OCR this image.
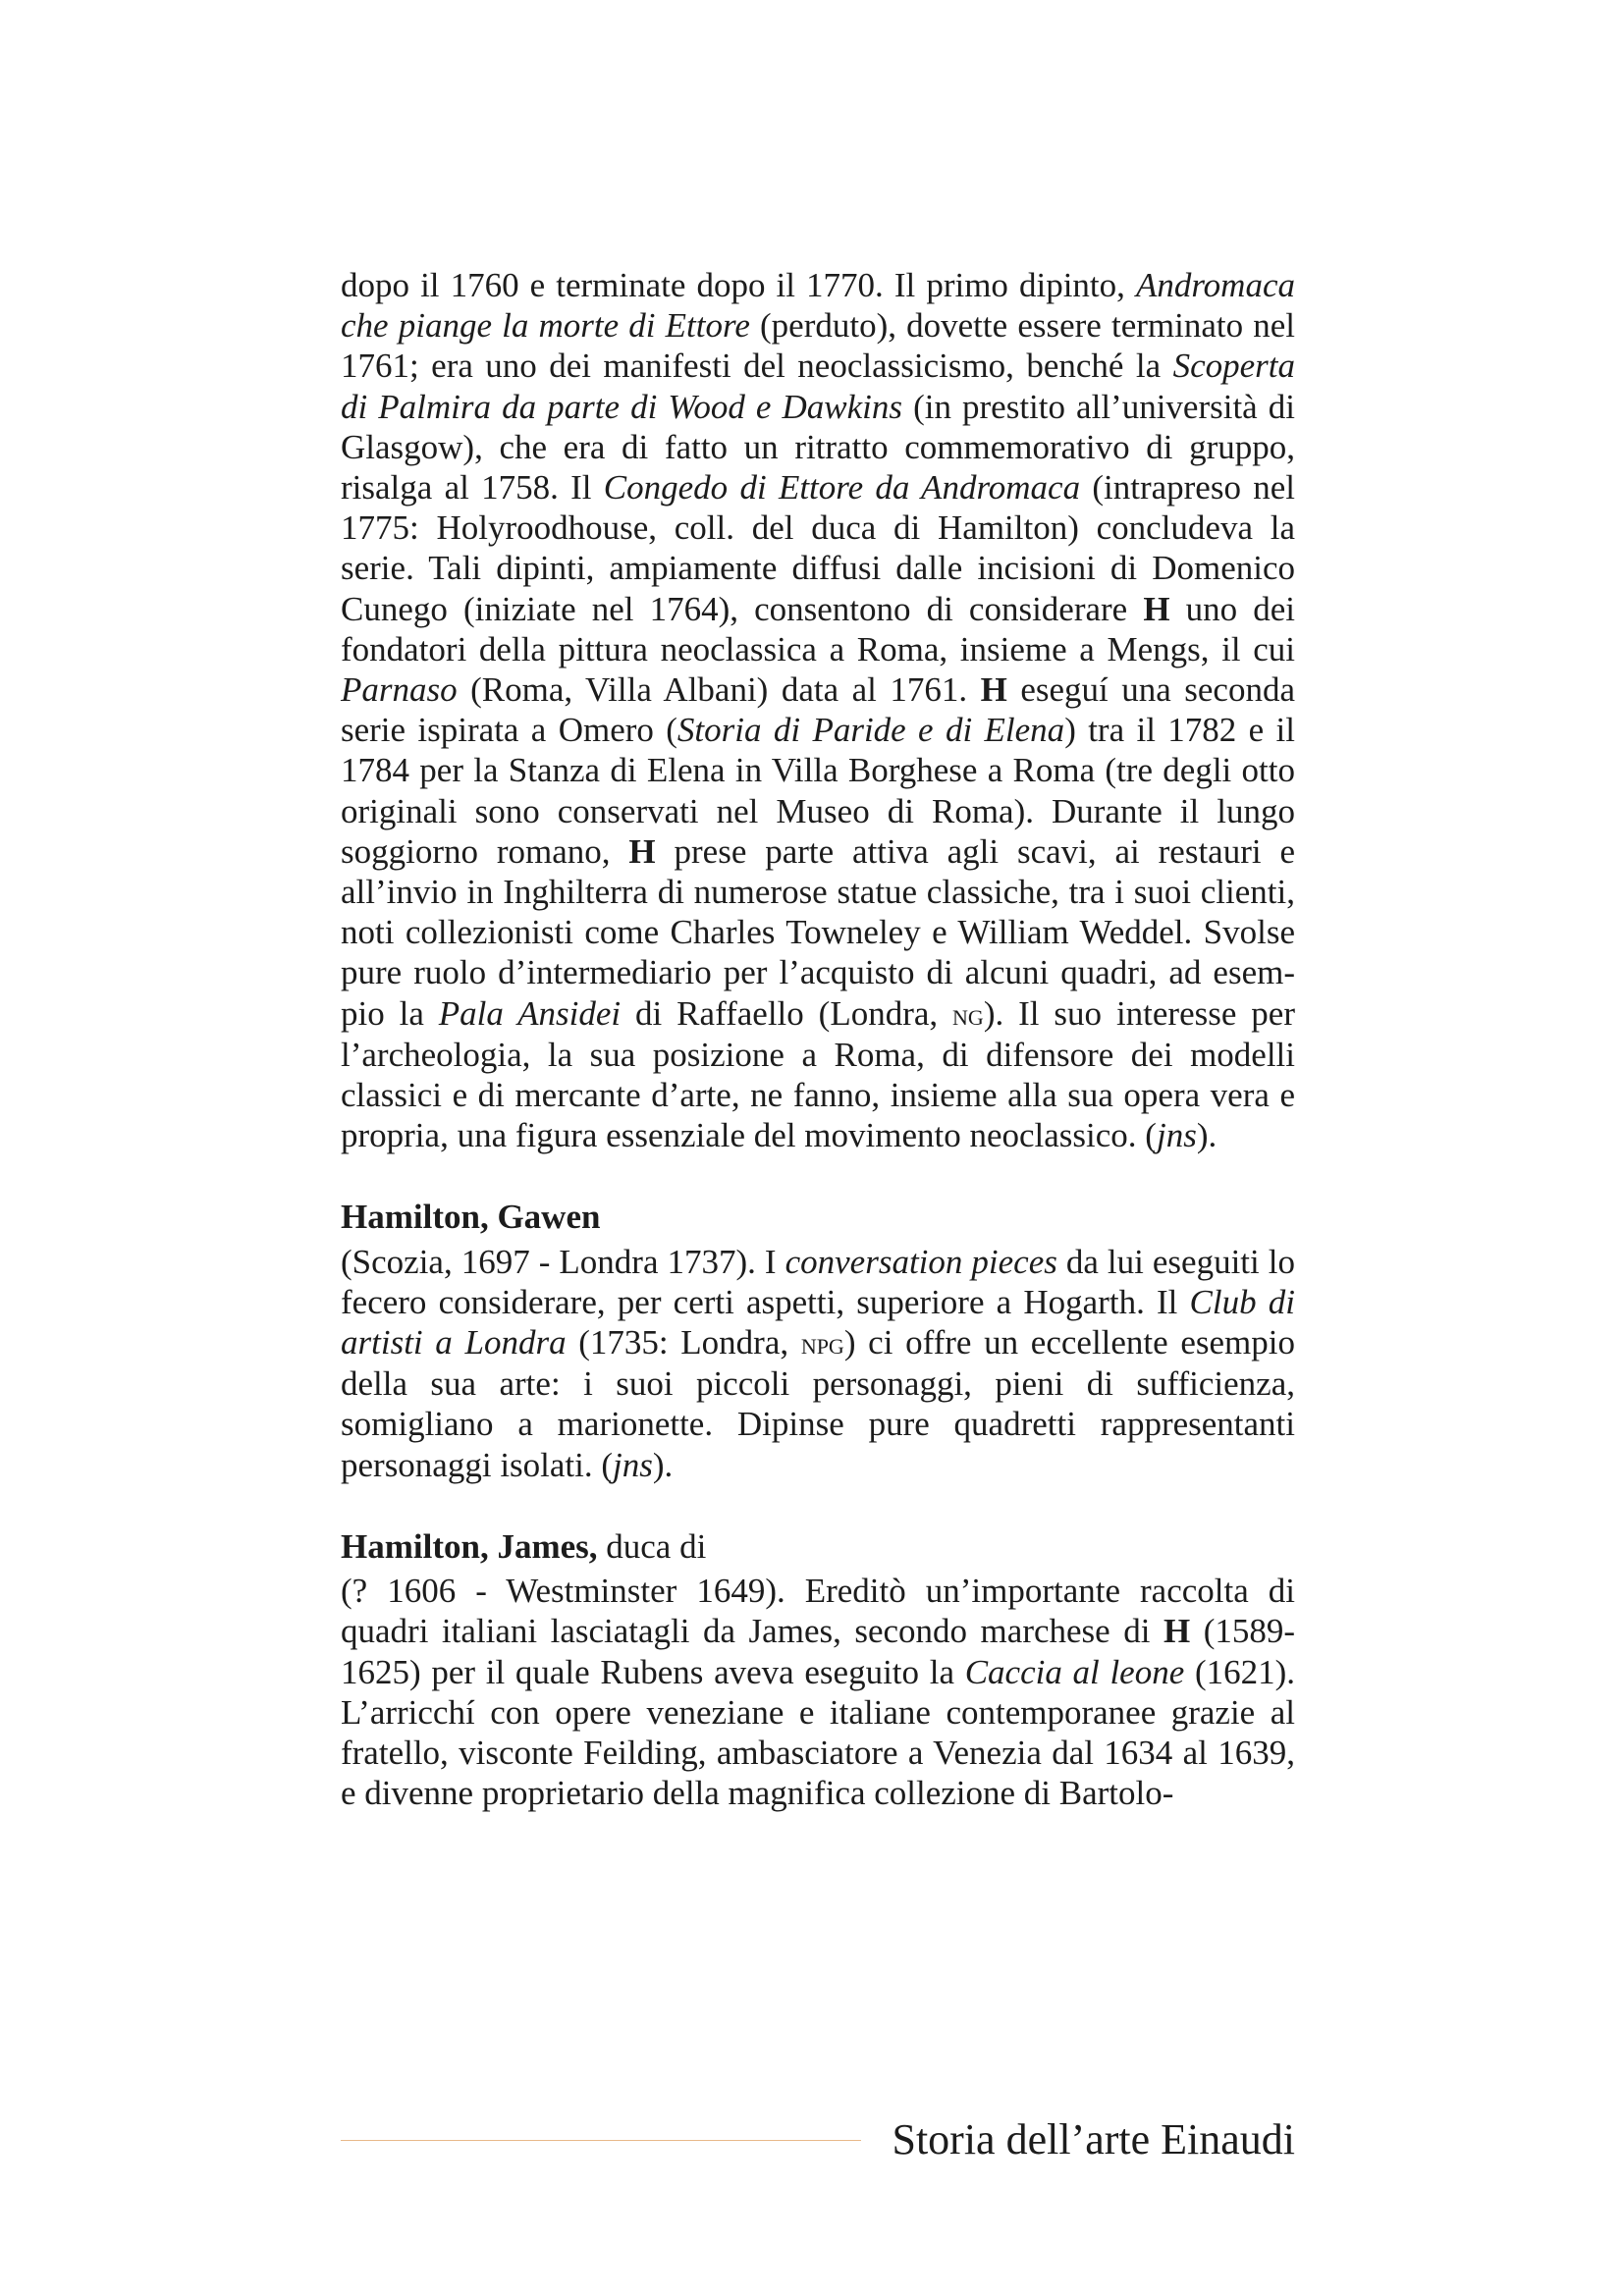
dopo il 1760 e terminate dopo il 1770. Il primo dipinto, Andromaca che piange la morte di Ettore (perduto), dovette essere terminato nel 1761; era uno dei manifesti del neoclassicismo, benché la Scoperta di Palmira da parte di Wood e Dawkins (in prestito all’università di Glasgow), che era di fatto un ritratto commemorativo di gruppo, risalga al 1758. Il Congedo di Ettore da Andromaca (intrapreso nel 1775: Holyroodhouse, coll. del duca di Hamilton) concludeva la serie. Tali dipinti, ampiamente diffusi dalle incisioni di Domenico Cunego (iniziate nel 1764), consentono di considerare H uno dei fondatori della pittura neoclassica a Roma, insieme a Mengs, il cui Parnaso (Roma, Villa Albani) data al 1761. H eseguí una seconda serie ispirata a Omero (Storia di Paride e di Elena) tra il 1782 e il 1784 per la Stanza di Elena in Villa Borghese a Roma (tre degli otto originali sono conservati nel Museo di Roma). Durante il lungo soggiorno romano, H prese parte attiva agli scavi, ai restauri e all’invio in Inghilterra di numerose statue classiche, tra i suoi clienti, noti collezionisti come Charles Towneley e William Weddel. Svolse pure ruolo d’intermediario per l’acquisto di alcuni quadri, ad esempio la Pala Ansidei di Raffaello (Londra, ng). Il suo interesse per l’archeologia, la sua posizione a Roma, di difensore dei modelli classici e di mercante d’arte, ne fanno, insieme alla sua opera vera e propria, una figura essenziale del movimento neoclassico. (jns).

Hamilton, Gawen

(Scozia, 1697 - Londra 1737). I conversation pieces da lui eseguiti lo fecero considerare, per certi aspetti, superiore a Hogarth. Il Club di artisti a Londra (1735: Londra, npg) ci offre un eccellente esempio della sua arte: i suoi piccoli personaggi, pieni di sufficienza, somigliano a marionette. Dipinse pure quadretti rappresentanti personaggi isolati. (jns).

Hamilton, James, duca di

(? 1606 - Westminster 1649). Ereditò un’importante raccolta di quadri italiani lasciatagli da James, secondo marchese di H (1589-1625) per il quale Rubens aveva eseguito la Caccia al leone (1621). L’arricchí con opere veneziane e italiane contemporanee grazie al fratello, visconte Feilding, ambasciatore a Venezia dal 1634 al 1639, e divenne proprietario della magnifica collezione di Bartolo-

Storia dell’arte Einaudi
